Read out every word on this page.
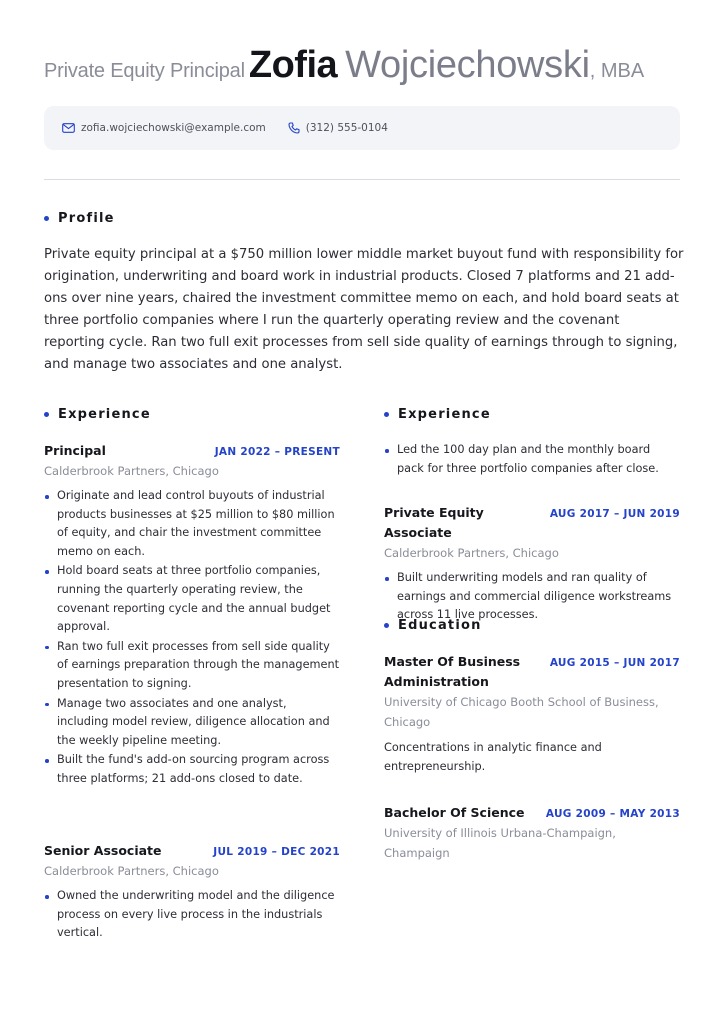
Private Equity Principal Zofia Wojciechowski, MBA
zofia.wojciechowski@example.com	(312) 555-0104
Profile

Private equity principal at a $750 million lower middle market buyout fund with responsibility for origination, underwriting and board work in industrial products. Closed 7 platforms and 21 add-ons over nine years, chaired the investment committee memo on each, and hold board seats at three portfolio companies where I run the quarterly operating review and the covenant reporting cycle. Ran two full exit processes from sell side quality of earnings through to signing, and manage two associates and one analyst.

Experience
Principal	JAN 2022 – PRESENT
Calderbrook Partners, Chicago
Originate and lead control buyouts of industrial products businesses at $25 million to $80 million of equity, and chair the investment committee memo on each.
Hold board seats at three portfolio companies, running the quarterly operating review, the covenant reporting cycle and the annual budget approval.
Ran two full exit processes from sell side quality of earnings preparation through the management presentation to signing.
Manage two associates and one analyst, including model review, diligence allocation and the weekly pipeline meeting.
Built the fund's add-on sourcing program across three platforms; 21 add-ons closed to date.
Senior Associate	JUL 2019 – DEC 2021
Calderbrook Partners, Chicago
Owned the underwriting model and the diligence process on every live process in the industrials vertical.
Experience
Led the 100 day plan and the monthly board pack for three portfolio companies after close.
Private Equity Associate
AUG 2017 – JUN 2019
Calderbrook Partners, Chicago
Built underwriting models and ran quality of earnings and commercial diligence workstreams across 11 live processes.
Education
Master Of Business	AUG 2015 – JUN 2017
Administration
University of Chicago Booth School of Business,
Chicago
Concentrations in analytic finance and
entrepreneurship.
Bachelor Of Science AUG 2009 – MAY 2013
University of Illinois Urbana-Champaign,
Champaign
